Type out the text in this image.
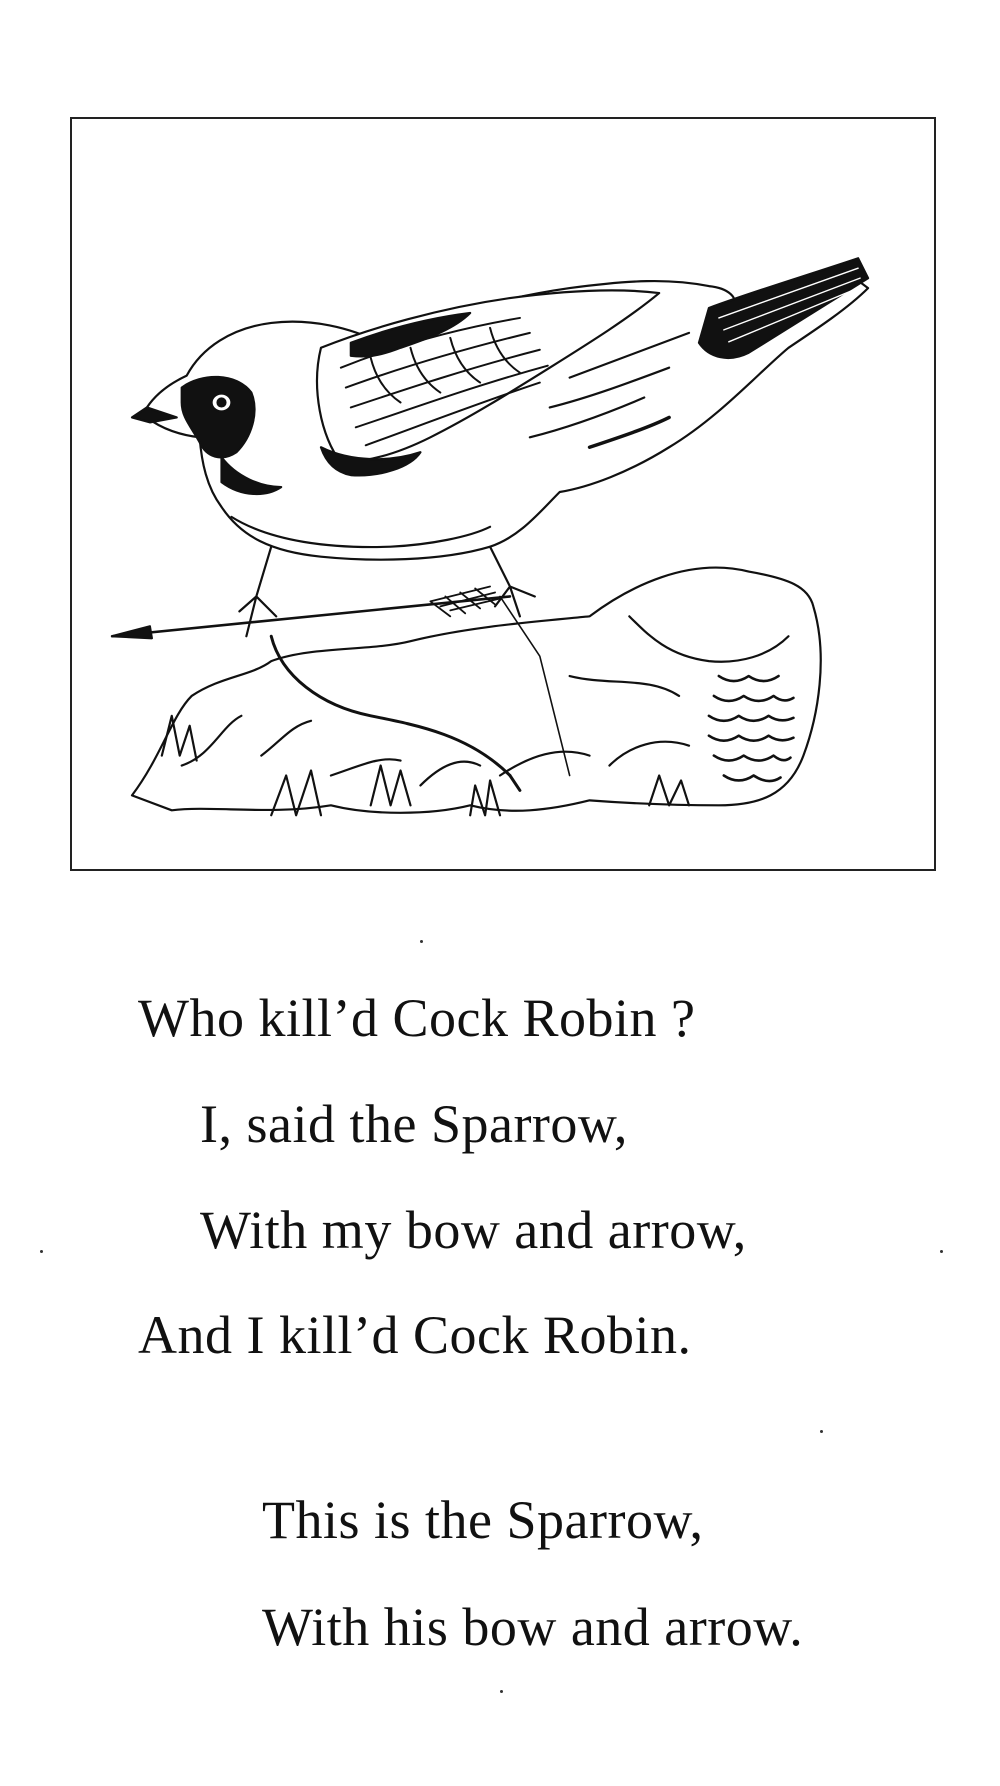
Who kill’d Cock Robin ?

I, said the Sparrow,

With my bow and arrow,

And I kill’d Cock Robin.

This is the Sparrow,

With his bow and arrow.
